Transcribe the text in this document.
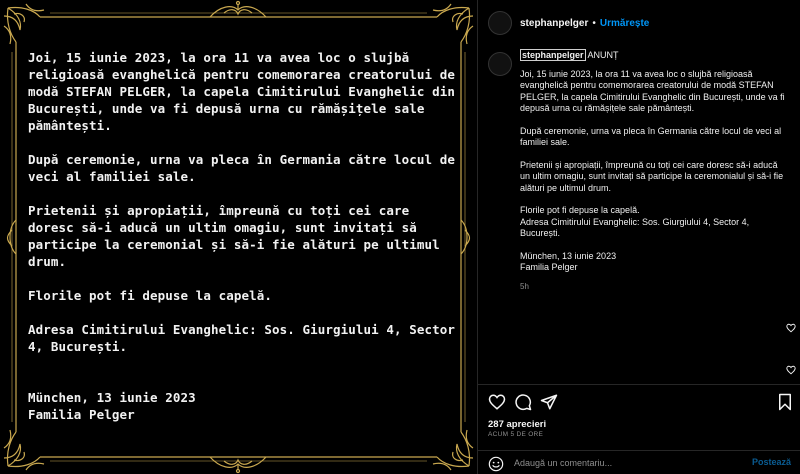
Joi, 15 iunie 2023, la ora 11 va avea loc o slujbă religioasă evanghelică pentru comemorarea creatorului de modă STEFAN PELGER, la capela Cimitirului Evanghelic din București, unde va fi depusă urna cu rămășițele sale pământești.

După ceremonie, urna va pleca în Germania către locul de veci al familiei sale.

Prietenii și apropiații, împreună cu toți cei care doresc să-i aducă un ultim omagiu, sunt invitați să participe la ceremonial și să-i fie alături pe ultimul drum.

Florile pot fi depuse la capelă.

Adresa Cimitirului Evanghelic: Sos. Giurgiului 4, Sector 4, București.

München, 13 iunie 2023

Familia Pelger

stephanpelger • Urmărește

stephanpelger ANUNȚ

Joi, 15 iunie 2023, la ora 11 va avea loc o slujbă religioasă evanghelică pentru comemorarea creatorului de modă STEFAN PELGER, la capela Cimitirului Evanghelic din București, unde va fi depusă urna cu rămășițele sale pământești.

După ceremonie, urna va pleca în Germania către locul de veci al familiei sale.

Prietenii și apropiații, împreună cu toți cei care doresc să-i aducă un ultim omagiu, sunt invitați să participe la ceremonialul și să-i fie alături pe ultimul drum.

Florile pot fi depuse la capelă.
Adresa Cimitirului Evanghelic: Sos. Giurgiului 4, Sector 4, București.

München, 13 iunie 2023
Familia Pelger

5h
287 aprecieri
ACUM 5 DE ORE
Adaugă un comentariu...
Postează
